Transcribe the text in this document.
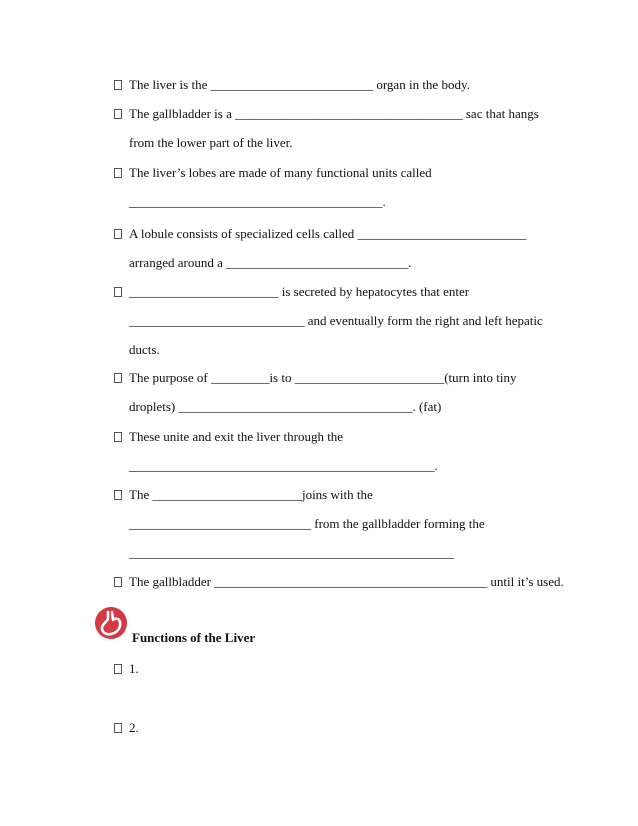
The liver is the _________________________ organ in the body.
The gallbladder is a ___________________________________ sac that hangs
from the lower part of the liver.
The liver’s lobes are made of many functional units called
_______________________________________.
A lobule consists of specialized cells called __________________________
arranged around a ____________________________.
_______________________ is secreted by hepatocytes that enter
___________________________ and eventually form the right and left hepatic
ducts.
The purpose of _________is to _______________________(turn into tiny
droplets) ____________________________________. (fat)
These unite and exit the liver through the
_______________________________________________.
The _______________________joins with the
____________________________ from the gallbladder forming the
__________________________________________________
The gallbladder __________________________________________ until it’s used.
Functions of the Liver
1.
2.
